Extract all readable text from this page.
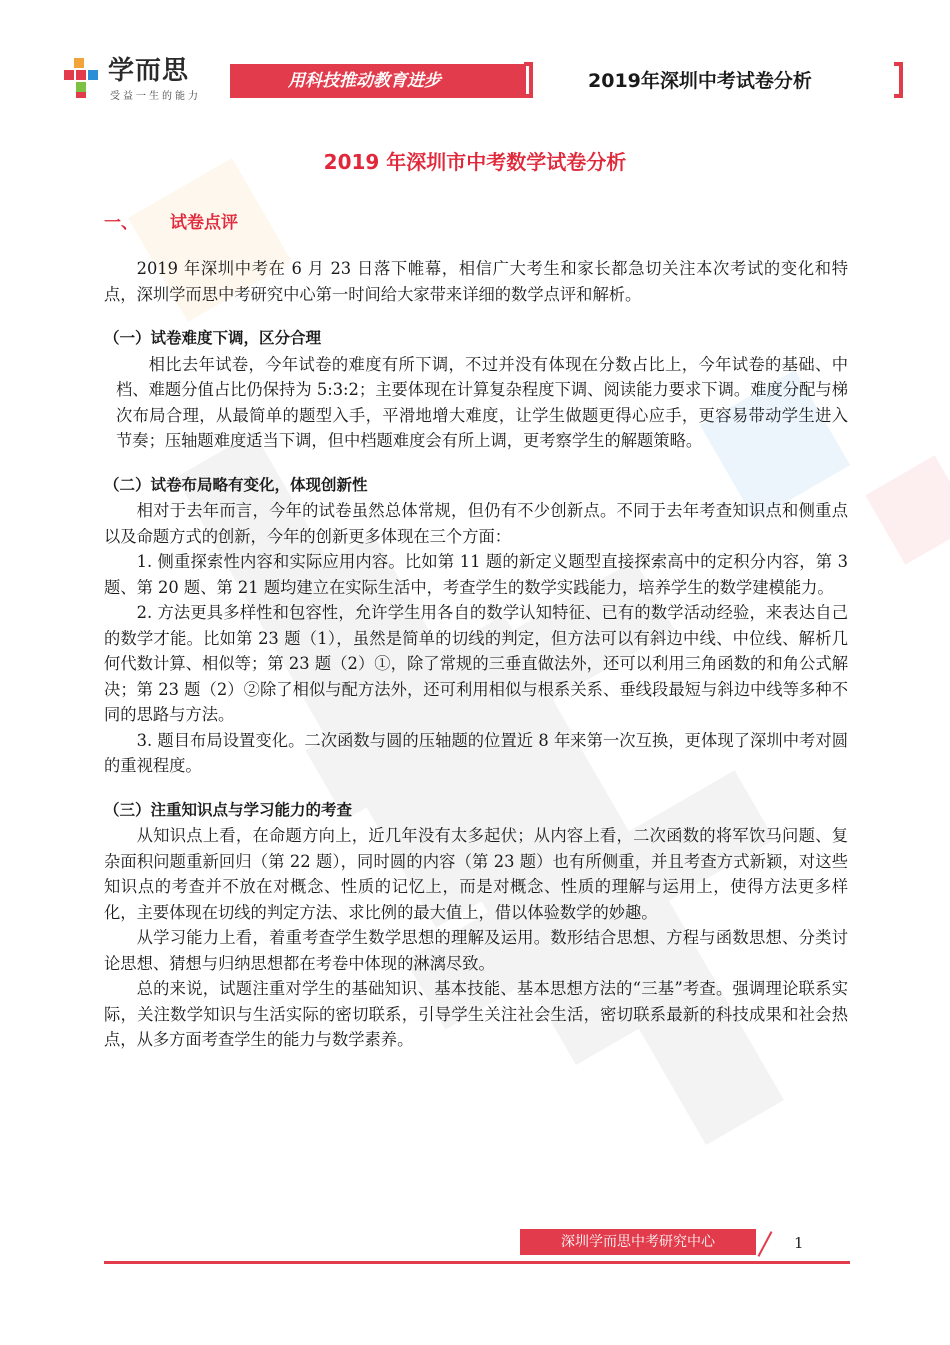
学而思
受益一生的能力
用科技推动教育进步	2019年深圳中考试卷分析
2019 年深圳市中考数学试卷分析
一、 试卷点评

2019 年深圳中考在 6 月 23 日落下帷幕，相信广大考生和家长都急切关注本次考试的变化和特点，深圳学而思中考研究中心第一时间给大家带来详细的数学点评和解析。

（一）试卷难度下调，区分合理

相比去年试卷，今年试卷的难度有所下调，不过并没有体现在分数占比上，今年试卷的基础、中档、难题分值占比仍保持为 5:3:2；主要体现在计算复杂程度下调、阅读能力要求下调。难度分配与梯次布局合理，从最简单的题型入手，平滑地增大难度，让学生做题更得心应手，更容易带动学生进入节奏；压轴题难度适当下调，但中档题难度会有所上调，更考察学生的解题策略。

（二）试卷布局略有变化，体现创新性

相对于去年而言，今年的试卷虽然总体常规，但仍有不少创新点。不同于去年考查知识点和侧重点以及命题方式的创新，今年的创新更多体现在三个方面：

1. 侧重探索性内容和实际应用内容。比如第 11 题的新定义题型直接探索高中的定积分内容，第 3 题、第 20 题、第 21 题均建立在实际生活中，考查学生的数学实践能力，培养学生的数学建模能力。

2. 方法更具多样性和包容性，允许学生用各自的数学认知特征、已有的数学活动经验，来表达自己的数学才能。比如第 23 题（1），虽然是简单的切线的判定，但方法可以有斜边中线、中位线、解析几何代数计算、相似等；第 23 题（2）①，除了常规的三垂直做法外，还可以利用三角函数的和角公式解决；第 23 题（2）②除了相似与配方法外，还可利用相似与根系关系、垂线段最短与斜边中线等多种不同的思路与方法。

3. 题目布局设置变化。二次函数与圆的压轴题的位置近 8 年来第一次互换，更体现了深圳中考对圆的重视程度。

（三）注重知识点与学习能力的考查

从知识点上看，在命题方向上，近几年没有太多起伏；从内容上看，二次函数的将军饮马问题、复杂面积问题重新回归（第 22 题），同时圆的内容（第 23 题）也有所侧重，并且考查方式新颖，对这些知识点的考查并不放在对概念、性质的记忆上，而是对概念、性质的理解与运用上，使得方法更多样化，主要体现在切线的判定方法、求比例的最大值上，借以体验数学的妙趣。

从学习能力上看，着重考查学生数学思想的理解及运用。数形结合思想、方程与函数思想、分类讨论思想、猜想与归纳思想都在考卷中体现的淋漓尽致。

总的来说，试题注重对学生的基础知识、基本技能、基本思想方法的“三基”考查。强调理论联系实际，关注数学知识与生活实际的密切联系，引导学生关注社会生活，密切联系最新的科技成果和社会热点，从多方面考查学生的能力与数学素养。

深圳学而思中考研究中心	1
